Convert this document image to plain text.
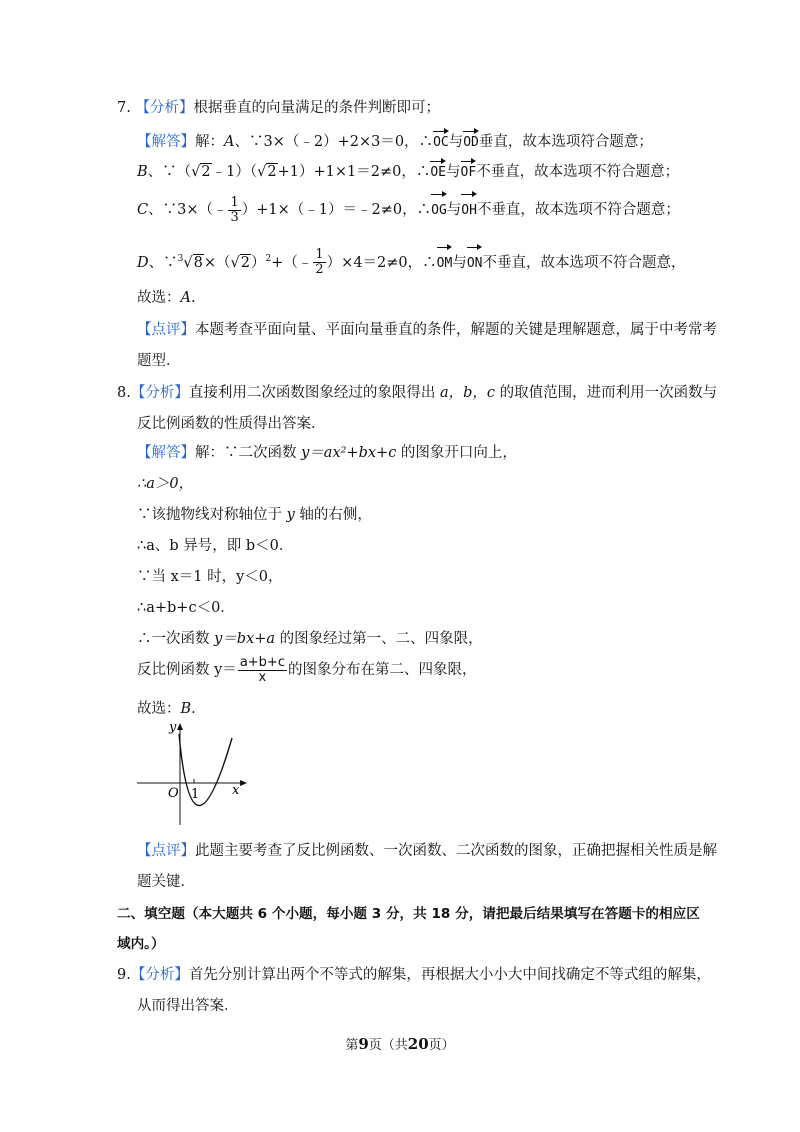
7. 【分析】根据垂直的向量满足的条件判断即可；
【解答】解：A、∵3×（﹣2）+2×3＝0，∴OC与OD垂直，故本选项符合题意；
B、∵（√2﹣1）（√2+1）+1×1＝2≠0，∴OE与OF不垂直，故本选项不符合题意；
C、∵3×（﹣ $\frac{1}{3}$ ）+1×（﹣1）＝﹣2≠0，∴OG与OH不垂直，故本选项不符合题意；
D、$\because^3√8\times(√2)^2+(﹣ \frac{1}{2} )\times 4=2\ne 0$，∴OM与ON不垂直，故本选项不符合题意，
故选：A.
【点评】本题考查平面向量、平面向量垂直的条件，解题的关键是理解题意，属于中考常考
题型．
8.【分析】直接利用二次函数图象经过的象限得出 a，b，c 的取值范围，进而利用一次函数与
反比例函数的性质得出答案．
【解答】解：∵二次函数 y＝ax²+bx+c 的图象开口向上，
∴a＞0，
∵该抛物线对称轴位于 y 轴的右侧，
∴a、b 异号，即 b＜0．
∵当 x＝1 时，y＜0，
∴a+b+c＜0．
∴一次函数 y＝bx+a 的图象经过第一、二、四象限，
反比例函数 $y= \frac{a+b+c}{x}$ 的图象分布在第二、四象限，
故选：B.
y
x
O 1
【点评】此题主要考查了反比例函数、一次函数、二次函数的图象，正确把握相关性质是解
题关键．
二、填空题（本大题共 6 个小题，每小题 3 分，共 18 分，请把最后结果填写在答题卡的相应区
域内。）
9.【分析】首先分别计算出两个不等式的解集，再根据大小小大中间找确定不等式组的解集，
从而得出答案．
第9页（共20页）
